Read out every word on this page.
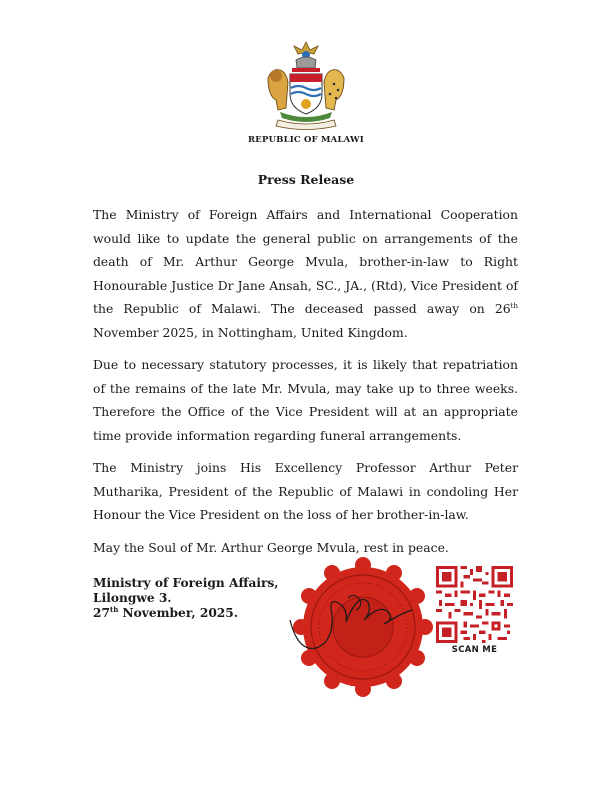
REPUBLIC OF MALAWI
Press Release

The Ministry of Foreign Affairs and International Cooperation would like to update the general public on arrangements of the death of Mr. Arthur George Mvula, brother-in-law to Right Honourable Justice Dr Jane Ansah, SC., JA., (Rtd), Vice President of the Republic of Malawi. The deceased passed away on 26th November 2025, in Nottingham, United Kingdom.

Due to necessary statutory processes, it is likely that repatriation of the remains of the late Mr. Mvula, may take up to three weeks. Therefore the Office of the Vice President will at an appropriate time provide information regarding funeral arrangements.

The Ministry joins His Excellency Professor Arthur Peter Mutharika, President of the Republic of Malawi in condoling Her Honour the Vice President on the loss of her brother-in-law.

May the Soul of Mr. Arthur George Mvula, rest in peace.

Ministry of Foreign Affairs,
Lilongwe 3.
27th November, 2025.
SCAN ME
